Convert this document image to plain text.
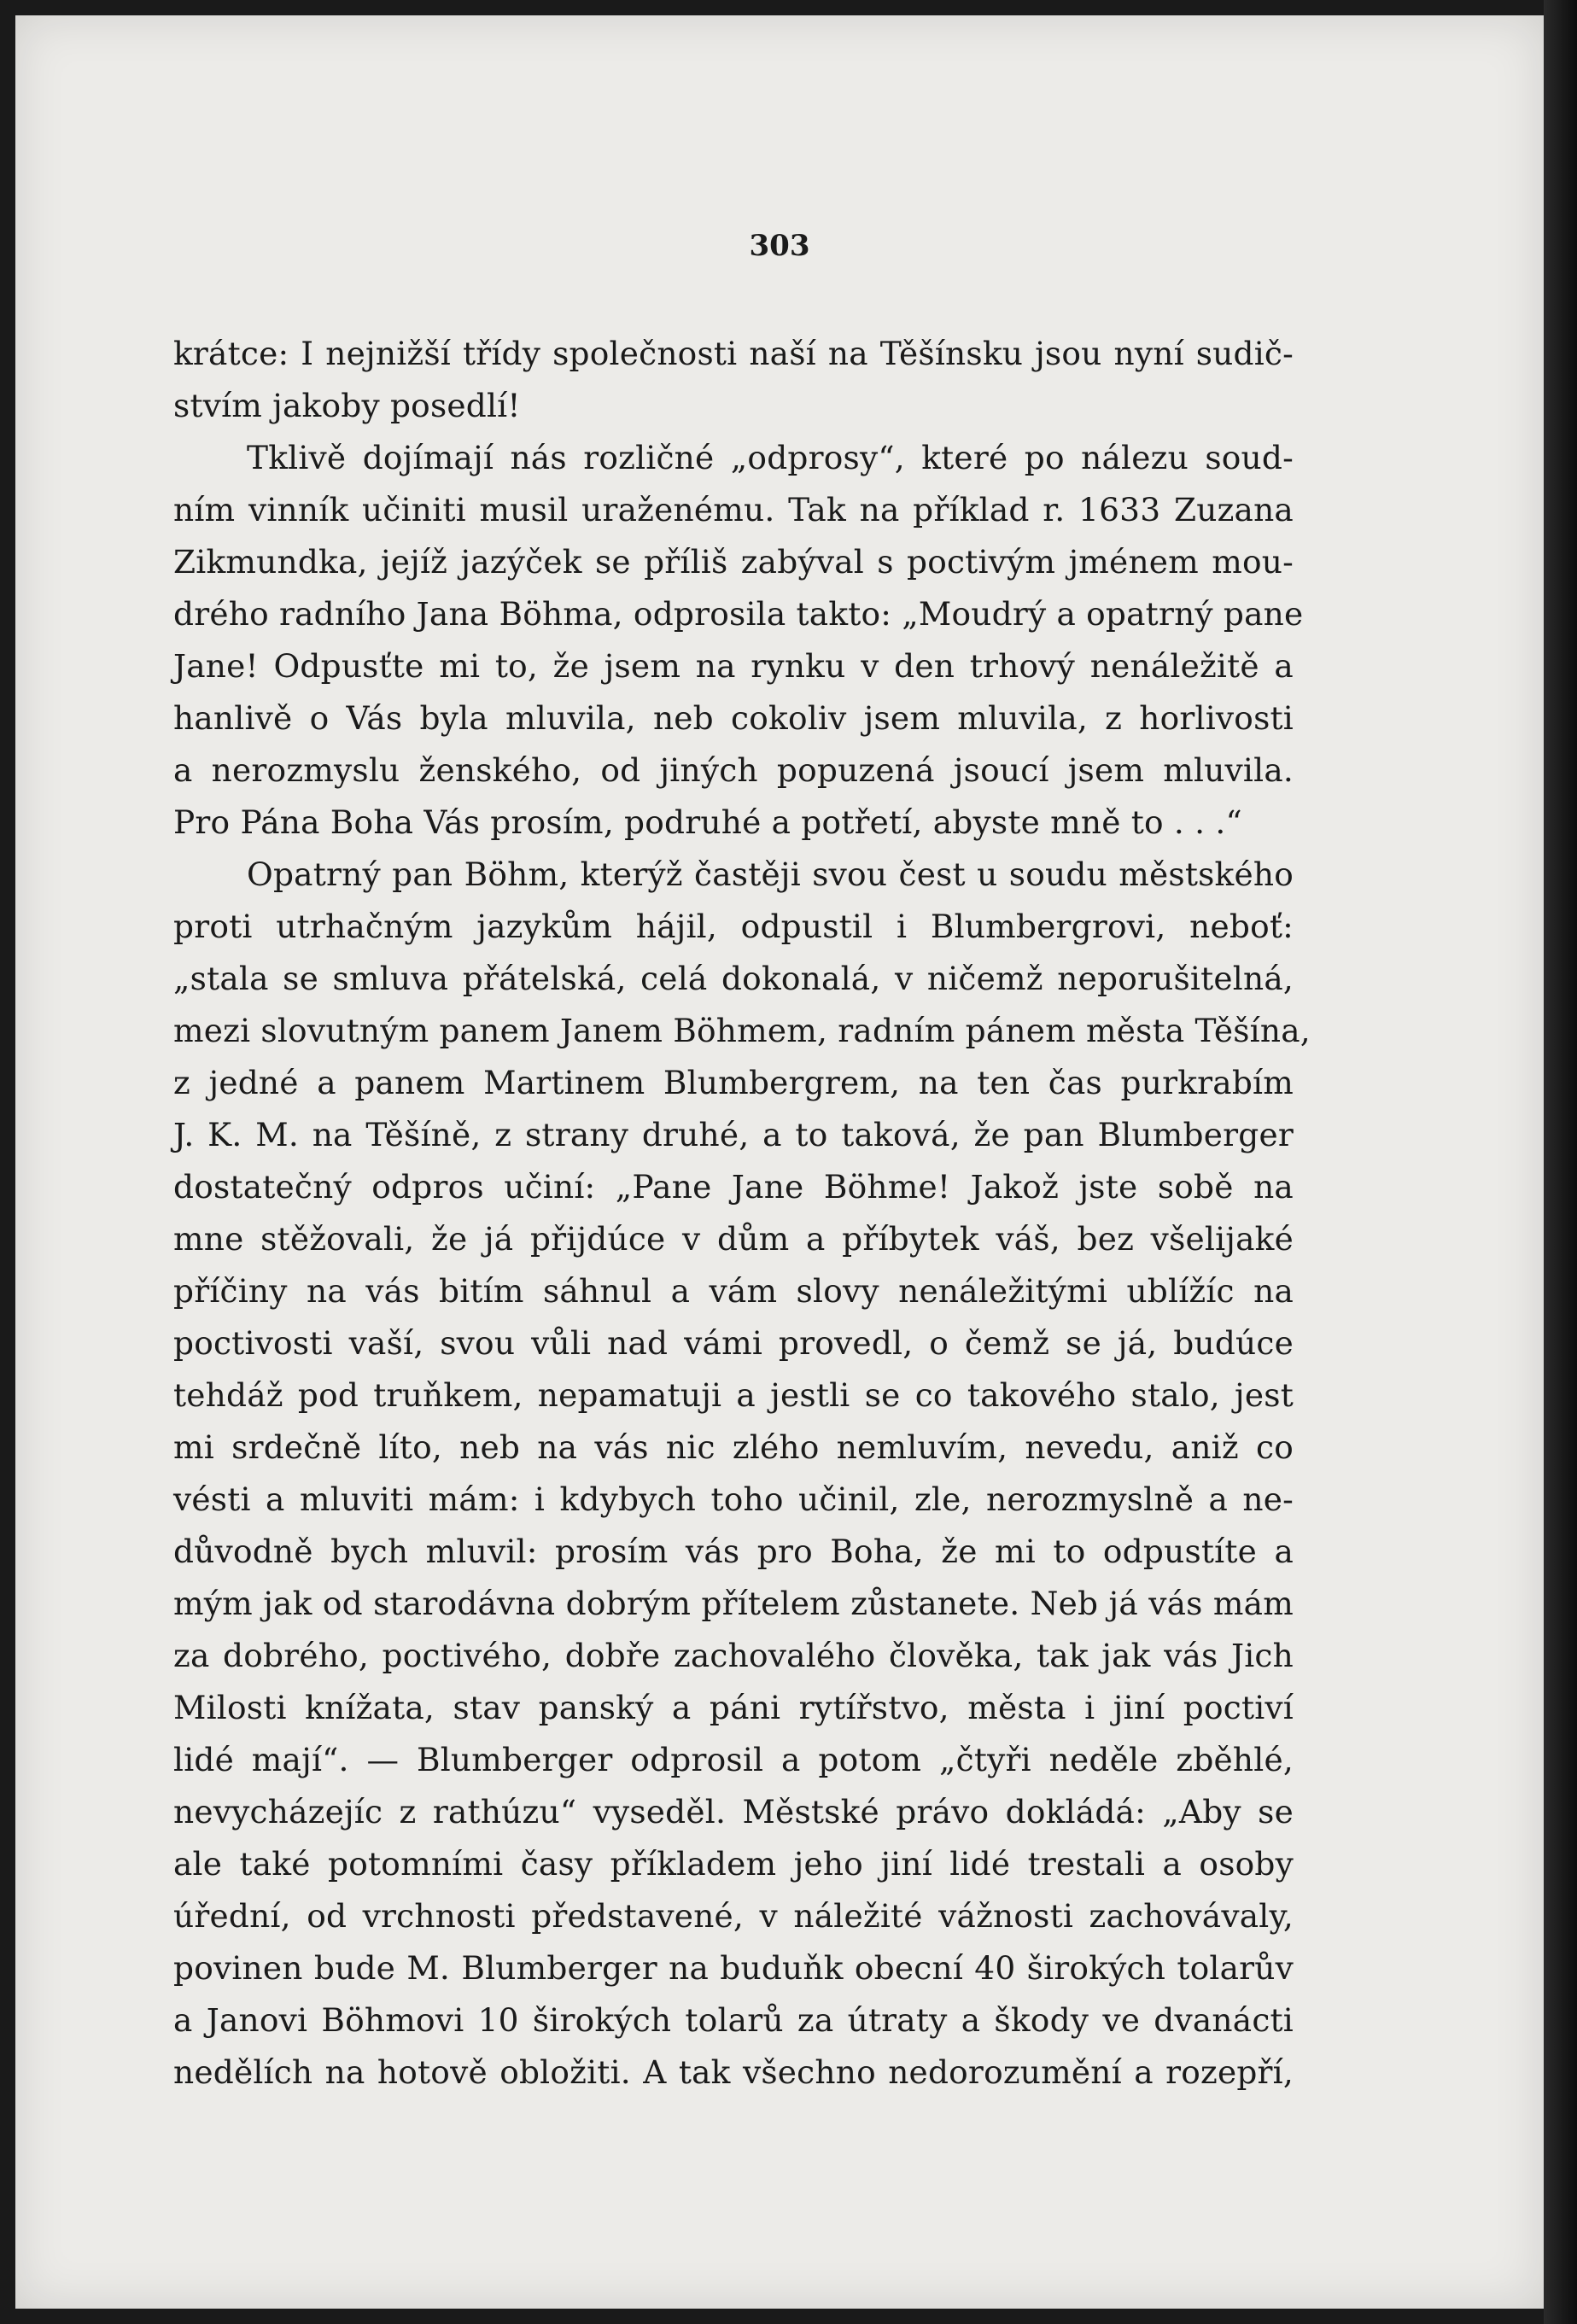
303

krátce: I nejnižší třídy společnosti naší na Těšínsku jsou nyní sudič-
stvím jakoby posedlí!
Tklivě dojímají nás rozličné „odprosy“, které po nálezu soud-
ním vinník učiniti musil uraženému. Tak na příklad r. 1633 Zuzana
Zikmundka, jejíž jazýček se příliš zabýval s poctivým jménem mou-
drého radního Jana Böhma, odprosila takto: „Moudrý a opatrný pane
Jane! Odpusťte mi to, že jsem na rynku v den trhový nenáležitě a
hanlivě o Vás byla mluvila, neb cokoliv jsem mluvila, z horlivosti
a nerozmyslu ženského, od jiných popuzená jsoucí jsem mluvila.
Pro Pána Boha Vás prosím, podruhé a potřetí, abyste mně to . . .“
Opatrný pan Böhm, kterýž častěji svou čest u soudu městského
proti utrhačným jazykům hájil, odpustil i Blumbergrovi, neboť:
„stala se smluva přátelská, celá dokonalá, v ničemž neporušitelná,
mezi slovutným panem Janem Böhmem, radním pánem města Těšína,
z jedné a panem Martinem Blumbergrem, na ten čas purkrabím
J. K. M. na Těšíně, z strany druhé, a to taková, že pan Blumberger
dostatečný odpros učiní: „Pane Jane Böhme! Jakož jste sobě na
mne stěžovali, že já přijdúce v dům a příbytek váš, bez všelijaké
příčiny na vás bitím sáhnul a vám slovy nenáležitými ublížíc na
poctivosti vaší, svou vůli nad vámi provedl, o čemž se já, budúce
tehdáž pod truňkem, nepamatuji a jestli se co takového stalo, jest
mi srdečně líto, neb na vás nic zlého nemluvím, nevedu, aniž co
vésti a mluviti mám: i kdybych toho učinil, zle, nerozmyslně a ne-
důvodně bych mluvil: prosím vás pro Boha, že mi to odpustíte a
mým jak od starodávna dobrým přítelem zůstanete. Neb já vás mám
za dobrého, poctivého, dobře zachovalého člověka, tak jak vás Jich
Milosti knížata, stav panský a páni rytířstvo, města i jiní poctiví
lidé mají“. — Blumberger odprosil a potom „čtyři neděle zběhlé,
nevycházejíc z rathúzu“ vyseděl. Městské právo dokládá: „Aby se
ale také potomními časy příkladem jeho jiní lidé trestali a osoby
úřední, od vrchnosti představené, v náležité vážnosti zachovávaly,
povinen bude M. Blumberger na buduňk obecní 40 širokých tolarův
a Janovi Böhmovi 10 širokých tolarů za útraty a škody ve dvanácti
nedělích na hotově obložiti. A tak všechno nedorozumění a rozepří,
